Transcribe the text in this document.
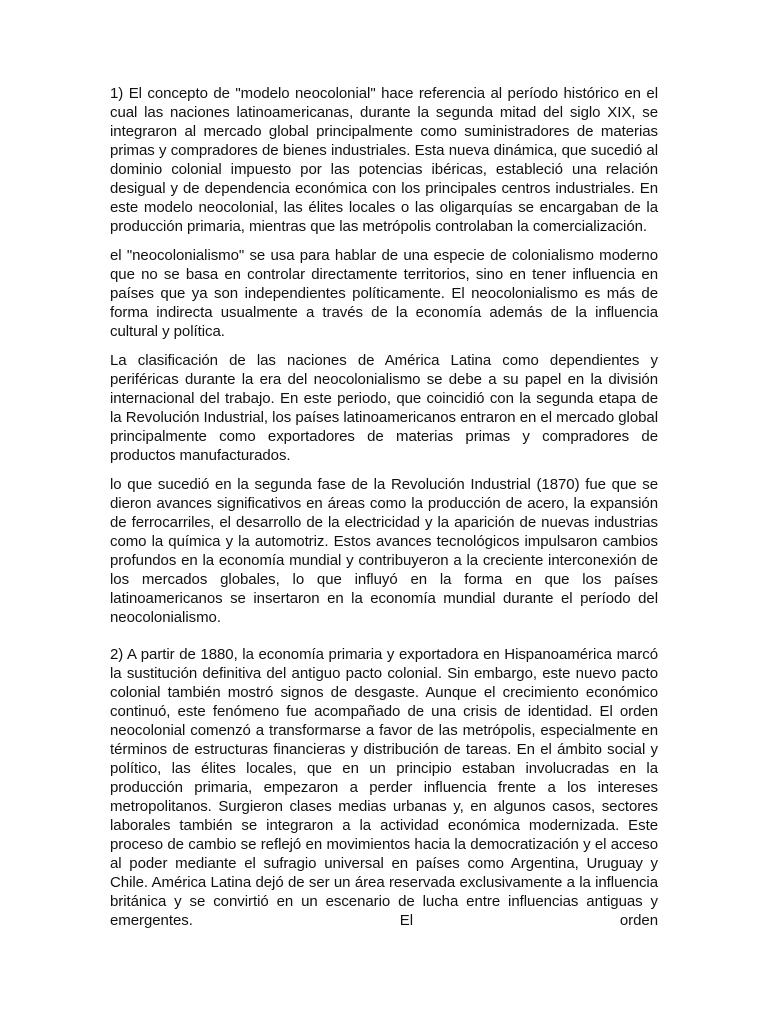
1) El concepto de "modelo neocolonial" hace referencia al período histórico en el cual las naciones latinoamericanas, durante la segunda mitad del siglo XIX, se integraron al mercado global principalmente como suministradores de materias primas y compradores de bienes industriales. Esta nueva dinámica, que sucedió al dominio colonial impuesto por las potencias ibéricas, estableció una relación desigual y de dependencia económica con los principales centros industriales. En este modelo neocolonial, las élites locales o las oligarquías se encargaban de la producción primaria, mientras que las metrópolis controlaban la comercialización.

el "neocolonialismo" se usa para hablar de una especie de colonialismo moderno que no se basa en controlar directamente territorios, sino en tener influencia en países que ya son independientes políticamente. El neocolonialismo es más de forma indirecta usualmente a través de la economía además de la influencia cultural y política.

La clasificación de las naciones de América Latina como dependientes y periféricas durante la era del neocolonialismo se debe a su papel en la división internacional del trabajo. En este periodo, que coincidió con la segunda etapa de la Revolución Industrial, los países latinoamericanos entraron en el mercado global principalmente como exportadores de materias primas y compradores de productos manufacturados.

lo que sucedió en la segunda fase de la Revolución Industrial (1870) fue que se dieron avances significativos en áreas como la producción de acero, la expansión de ferrocarriles, el desarrollo de la electricidad y la aparición de nuevas industrias como la química y la automotriz. Estos avances tecnológicos impulsaron cambios profundos en la economía mundial y contribuyeron a la creciente interconexión de los mercados globales, lo que influyó en la forma en que los países latinoamericanos se insertaron en la economía mundial durante el período del neocolonialismo.

2) A partir de 1880, la economía primaria y exportadora en Hispanoamérica marcó la sustitución definitiva del antiguo pacto colonial. Sin embargo, este nuevo pacto colonial también mostró signos de desgaste. Aunque el crecimiento económico continuó, este fenómeno fue acompañado de una crisis de identidad. El orden neocolonial comenzó a transformarse a favor de las metrópolis, especialmente en términos de estructuras financieras y distribución de tareas. En el ámbito social y político, las élites locales, que en un principio estaban involucradas en la producción primaria, empezaron a perder influencia frente a los intereses metropolitanos. Surgieron clases medias urbanas y, en algunos casos, sectores laborales también se integraron a la actividad económica modernizada. Este proceso de cambio se reflejó en movimientos hacia la democratización y el acceso al poder mediante el sufragio universal en países como Argentina, Uruguay y Chile. América Latina dejó de ser un área reservada exclusivamente a la influencia británica y se convirtió en un escenario de lucha entre influencias antiguas y emergentes. El orden
